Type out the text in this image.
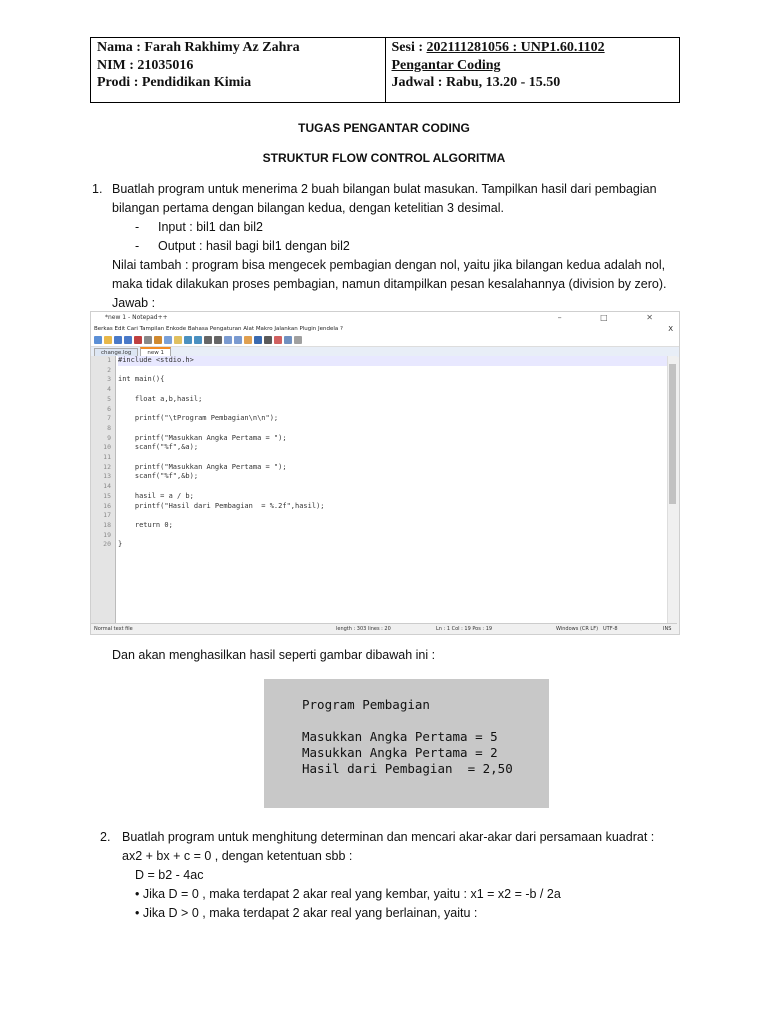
Nama : Farah Rakhimy Az Zahra
NIM : 21035016
Prodi : Pendidikan Kimia
Sesi : 202111281056 : UNP1.60.1102
Pengantar Coding
Jadwal : Rabu, 13.20 - 15.50
TUGAS PENGANTAR CODING
STRUKTUR FLOW CONTROL ALGORITMA
1. Buatlah program untuk menerima 2 buah bilangan bulat masukan. Tampilkan hasil dari pembagian
bilangan pertama dengan bilangan kedua, dengan ketelitian 3 desimal.
- Input : bil1 dan bil2
- Output : hasil bagi bil1 dengan bil2
Nilai tambah : program bisa mengecek pembagian dengan nol, yaitu jika bilangan kedua adalah nol,
maka tidak dilakukan proses pembagian, namun ditampilkan pesan kesalahannya (division by zero).
Jawab :
*new 1 - Notepad++	– □ ✕
Berkas Edit Cari Tampilan Enkode Bahasa Pengaturan Alat Makro Jalankan Plugin Jendela ?	X
change.log	new 1
1
2
3
4
5
6
7
8
9
10
11
12
13
14
15
16
17
18
19
20
#include <stdio.h>

int main(){

float a,b,hasil;

printf("\tProgram Pembagian\n\n");

printf("Masukkan Angka Pertama = ");
scanf("%f",&a);

printf("Masukkan Angka Pertama = ");
scanf("%f",&b);

hasil = a / b;
printf("Hasil dari Pembagian  = %.2f",hasil);

return 0;

}
Normal text file	length : 303 lines : 20	Ln : 1 Col : 19 Pos : 19	Windows (CR LF) UTF-8	INS
Dan akan menghasilkan hasil seperti gambar dibawah ini :
Program Pembagian
Masukkan Angka Pertama = 5
Masukkan Angka Pertama = 2
Hasil dari Pembagian  = 2,50
2. Buatlah program untuk menghitung determinan dan mencari akar-akar dari persamaan kuadrat :
ax2 + bx + c = 0 , dengan ketentuan sbb :
D = b2 - 4ac
• Jika D = 0 , maka terdapat 2 akar real yang kembar, yaitu : x1 = x2 = -b / 2a
• Jika D > 0 , maka terdapat 2 akar real yang berlainan, yaitu :
